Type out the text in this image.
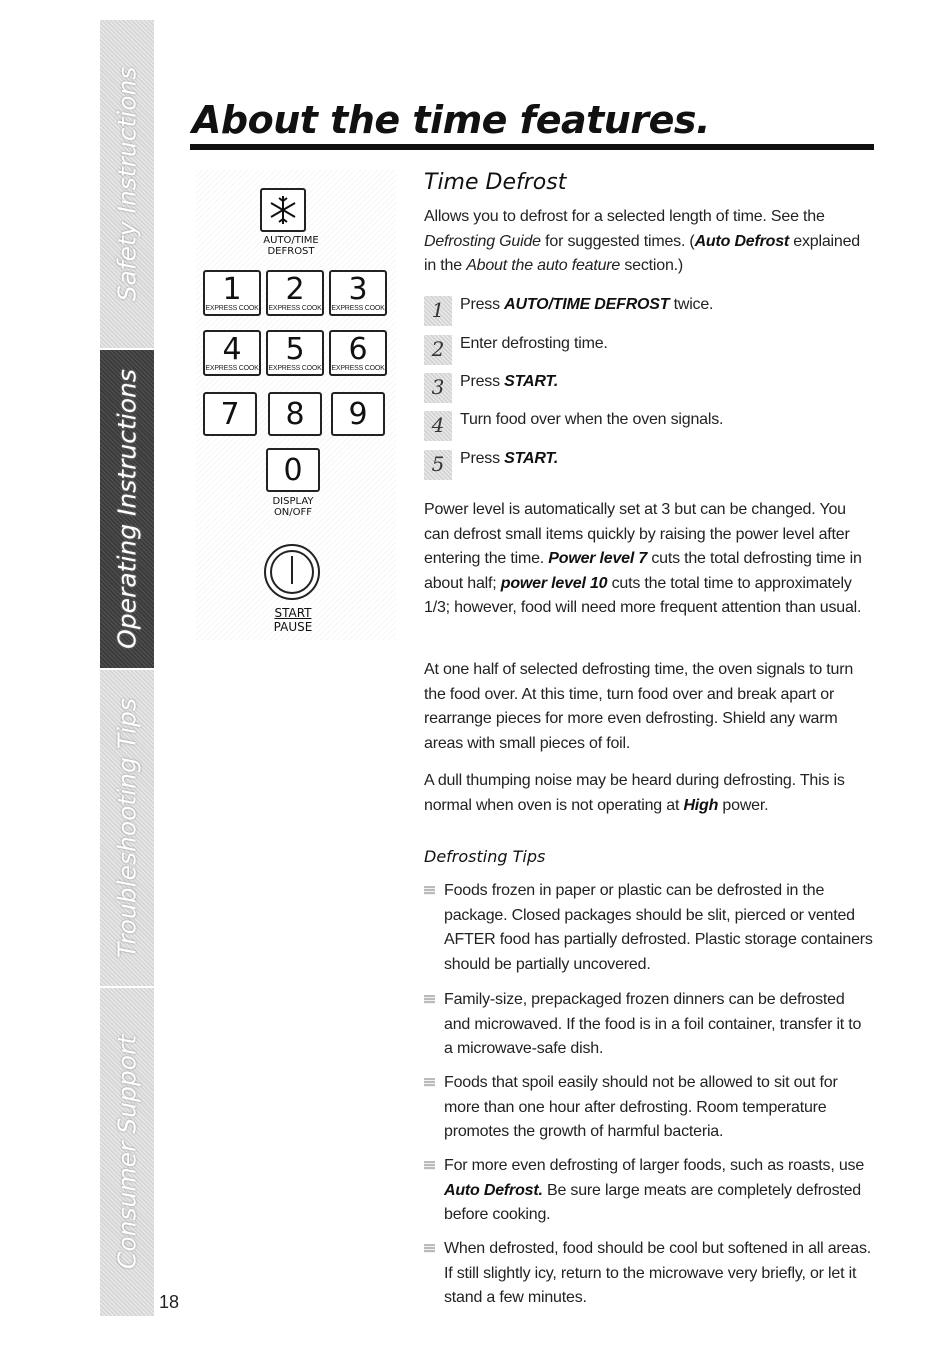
Safety Instructions
Operating Instructions
Troubleshooting Tips
Consumer Support
18
About the time features.
AUTO/TIME
DEFROST
1
EXPRESS COOK
2
EXPRESS COOK
3
EXPRESS COOK
4
EXPRESS COOK
5
EXPRESS COOK
6
EXPRESS COOK
7	8	9
0
DISPLAY
ON/OFF
START
PAUSE
Time Defrost
Allows you to defrost for a selected length of time. See the Defrosting Guide for suggested times. (Auto Defrost explained in the About the auto feature section.)
1 Press AUTO/TIME DEFROST twice.
2 Enter defrosting time.
3 Press START.
4 Turn food over when the oven signals.
5 Press START.
Power level is automatically set at 3 but can be changed. You can defrost small items quickly by raising the power level after entering the time. Power level 7 cuts the total defrosting time in about half; power level 10 cuts the total time to approximately 1/3; however, food will need more frequent attention than usual.
At one half of selected defrosting time, the oven signals to turn the food over. At this time, turn food over and break apart or rearrange pieces for more even defrosting. Shield any warm areas with small pieces of foil.
A dull thumping noise may be heard during defrosting. This is normal when oven is not operating at High power.
Defrosting Tips
Foods frozen in paper or plastic can be defrosted in the package. Closed packages should be slit, pierced or vented AFTER food has partially defrosted. Plastic storage containers should be partially uncovered.
Family-size, prepackaged frozen dinners can be defrosted and microwaved. If the food is in a foil container, transfer it to a microwave-safe dish.
Foods that spoil easily should not be allowed to sit out for more than one hour after defrosting. Room temperature promotes the growth of harmful bacteria.
For more even defrosting of larger foods, such as roasts, use Auto Defrost. Be sure large meats are completely defrosted before cooking.
When defrosted, food should be cool but softened in all areas. If still slightly icy, return to the microwave very briefly, or let it stand a few minutes.
